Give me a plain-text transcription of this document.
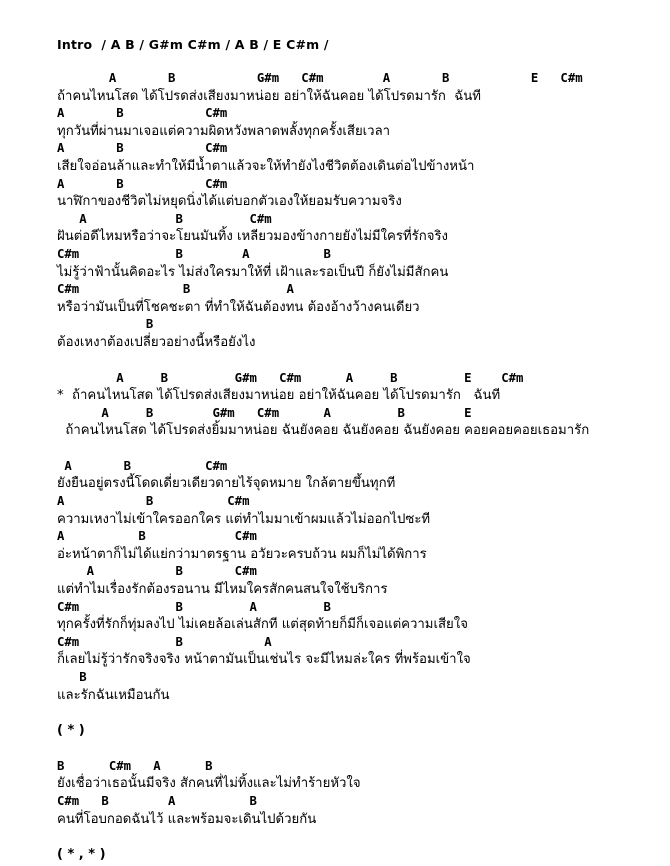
Intro  / A B / G#m C#m / A B / E C#m /
A       B           G#m   C#m        A       B           E   C#m
ถ้าคนไหนโสด ได้โปรดส่งเสียงมาหน่อย อย่าให้ฉันคอย ได้โปรดมารัก  ฉันที
A       B           C#m
ทุกวันที่ผ่านมาเจอแต่ความผิดหวังพลาดพลั้งทุกครั้งเสียเวลา
A       B           C#m
เสียใจอ่อนล้าและทำให้มีน้ำตาแล้วจะให้ทำยังไงชีวิตต้องเดินต่อไปข้างหน้า
A       B           C#m
นาฬิกาของชีวิตไม่หยุดนิ่งได้แต่บอกตัวเองให้ยอมรับความจริง
A            B         C#m
ฝันต่อดีไหมหรือว่าจะโยนมันทิ้ง เหลียวมองข้างกายยังไม่มีใครที่รักจริง
C#m             B        A          B
ไม่รู้ว่าฟ้านั้นคิดอะไร ไม่ส่งใครมาให้ที่ เฝ้าและรอเป็นปี ก็ยังไม่มีสักคน
C#m              B             A
หรือว่ามันเป็นที่โชคชะตา ที่ทำให้ฉันต้องทน ต้องอ้างว้างคนเดียว
B
ต้องเหงาต้องเปลี่ยวอย่างนี้หรือยังไง
A     B         G#m   C#m      A     B         E    C#m
*  ถ้าคนไหนโสด ได้โปรดส่งเสียงมาหน่อย อย่าให้ฉันคอย ได้โปรดมารัก   ฉันที
A     B        G#m   C#m      A         B        E
ถ้าคนไหนโสด ได้โปรดส่งยิ้มมาหน่อย ฉันยังคอย ฉันยังคอย ฉันยังคอย คอยคอยคอยเธอมารัก
A       B          C#m
ยังยืนอยู่ตรงนี้โดดเดี่ยวเดียวดายไร้จุดหมาย ใกล้ตายขึ้นทุกที
A           B          C#m
ความเหงาไม่เข้าใครออกใคร แต่ทำไมมาเข้าผมแล้วไม่ออกไปซะที
A          B            C#m
อ่ะหน้าตาก็ไม่ได้แย่กว่ามาตรฐาน อวัยวะครบถ้วน ผมก็ไม่ได้พิการ
A           B       C#m
แต่ทำไมเรื่องรักต้องรอนาน มีไหมใครสักคนสนใจใช้บริการ
C#m             B         A         B
ทุกครั้งที่รักก็ทุ่มลงไป ไม่เคยล้อเล่นสักที แต่สุดท้ายก็มีก็เจอแต่ความเสียใจ
C#m             B           A
ก็เลยไม่รู้ว่ารักจริงจริง หน้าตามันเป็นเช่นไร จะมีไหมล่ะใคร ที่พร้อมเข้าใจ
B
และรักฉันเหมือนกัน
( * )
B      C#m   A      B
ยังเชื่อว่าเธอนั้นมีจริง สักคนที่ไม่ทิ้งและไม่ทำร้ายหัวใจ
C#m   B        A          B
คนที่โอบกอดฉันไว้ และพร้อมจะเดินไปด้วยกัน
( * , * )
